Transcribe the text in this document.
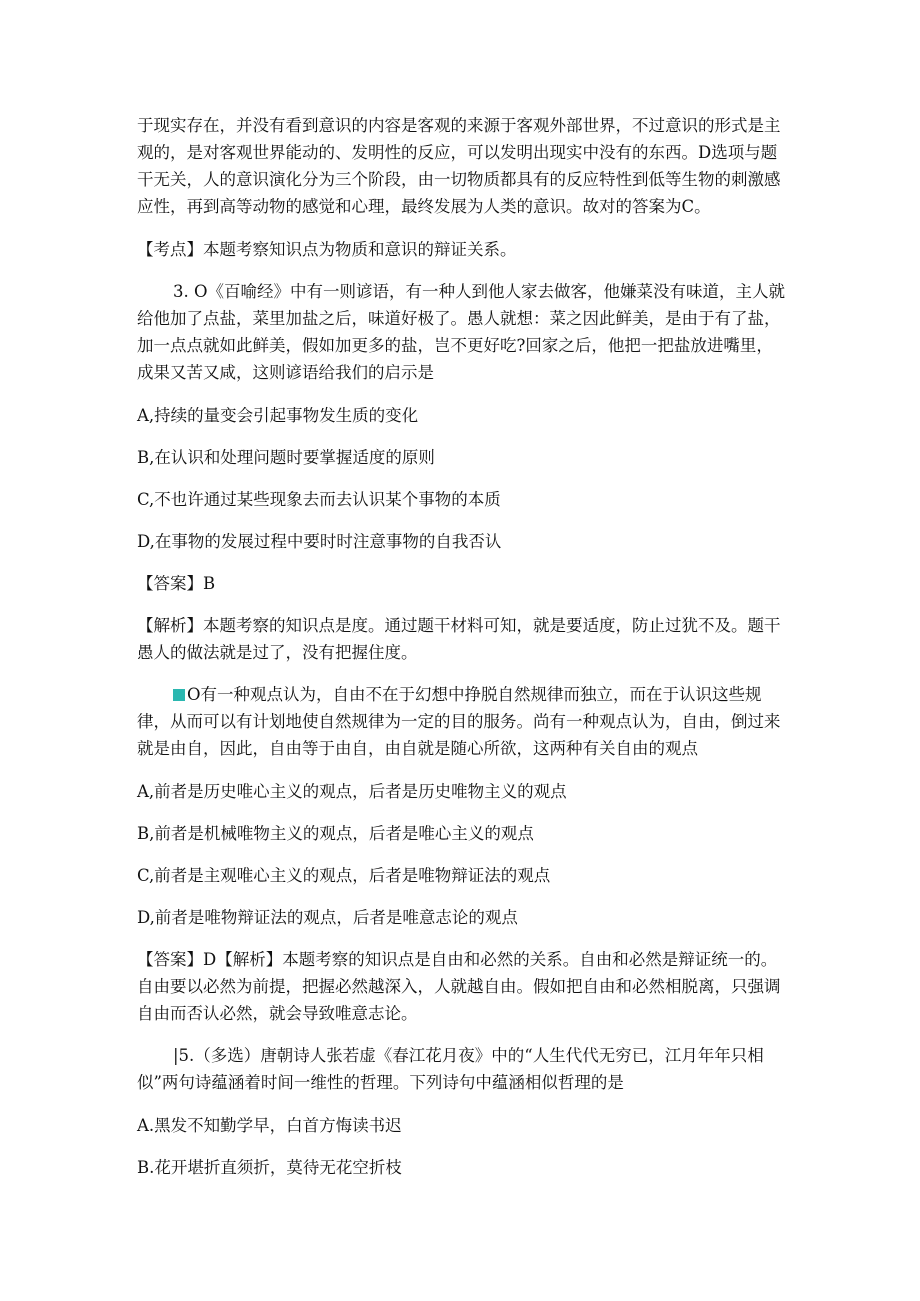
于现实存在，并没有看到意识的内容是客观的来源于客观外部世界，不过意识的形式是主观的，是对客观世界能动的、发明性的反应，可以发明出现实中没有的东西。D选项与题干无关，人的意识演化分为三个阶段，由一切物质都具有的反应特性到低等生物的刺激感应性，再到高等动物的感觉和心理，最终发展为人类的意识。故对的答案为C。
【考点】本题考察知识点为物质和意识的辩证关系。
3. O《百喻经》中有一则谚语，有一种人到他人家去做客，他嫌菜没有味道，主人就给他加了点盐，菜里加盐之后，味道好极了。愚人就想：菜之因此鲜美，是由于有了盐，加一点点就如此鲜美，假如加更多的盐，岂不更好吃?回家之后，他把一把盐放进嘴里，成果又苦又咸，这则谚语给我们的启示是
A,持续的量变会引起事物发生质的变化
B,在认识和处理问题时要掌握适度的原则
C,不也许通过某些现象去而去认识某个事物的本质
D,在事物的发展过程中要时时注意事物的自我否认
【答案】B
【解析】本题考察的知识点是度。通过题干材料可知，就是要适度，防止过犹不及。题干愚人的做法就是过了，没有把握住度。
O有一种观点认为，自由不在于幻想中挣脱自然规律而独立，而在于认识这些规律，从而可以有计划地使自然规律为一定的目的服务。尚有一种观点认为，自由，倒过来就是由自，因此，自由等于由自，由自就是随心所欲，这两种有关自由的观点
A,前者是历史唯心主义的观点，后者是历史唯物主义的观点
B,前者是机械唯物主义的观点，后者是唯心主义的观点
C,前者是主观唯心主义的观点，后者是唯物辩证法的观点
D,前者是唯物辩证法的观点，后者是唯意志论的观点
【答案】D【解析】本题考察的知识点是自由和必然的关系。自由和必然是辩证统一的。自由要以必然为前提，把握必然越深入，人就越自由。假如把自由和必然相脱离，只强调自由而否认必然，就会导致唯意志论。
|5.（多选）唐朝诗人张若虚《春江花月夜》中的“人生代代无穷已，江月年年只相似”两句诗蕴涵着时间一维性的哲理。下列诗句中蕴涵相似哲理的是
A.黑发不知勤学早，白首方悔读书迟
B.花开堪折直须折，莫待无花空折枝
